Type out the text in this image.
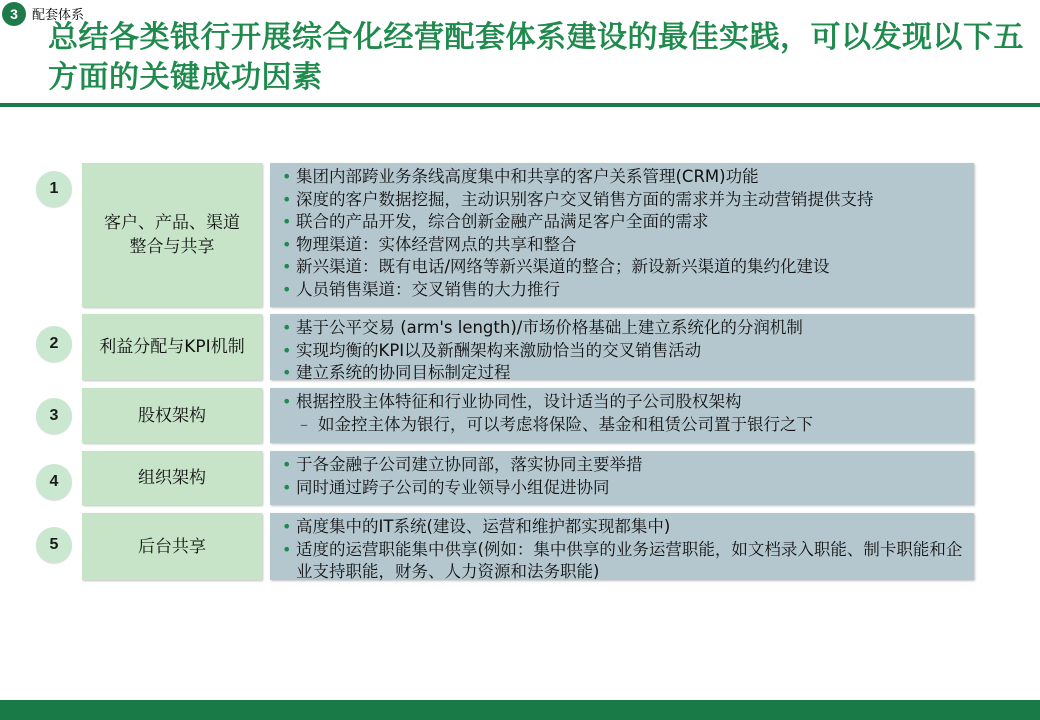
3	配套体系
总结各类银行开展综合化经营配套体系建设的最佳实践，可以发现以下五方面的关键成功因素
1
客户、产品、渠道
整合与共享
• 集团内部跨业务条线高度集中和共享的客户关系管理(CRM)功能
• 深度的客户数据挖掘，主动识别客户交叉销售方面的需求并为主动营销提供支持
• 联合的产品开发，综合创新金融产品满足客户全面的需求
• 物理渠道：实体经营网点的共享和整合
• 新兴渠道：既有电话/网络等新兴渠道的整合；新设新兴渠道的集约化建设
• 人员销售渠道：交叉销售的大力推行
2	利益分配与KPI机制
• 基于公平交易 (arm's length)/市场价格基础上建立系统化的分润机制
• 实现均衡的KPI以及新酬架构来激励恰当的交叉销售活动
• 建立系统的协同目标制定过程
3	股权架构
• 根据控股主体特征和行业协同性，设计适当的子公司股权架构
– 如金控主体为银行，可以考虑将保险、基金和租赁公司置于银行之下
4	组织架构
• 于各金融子公司建立协同部，落实协同主要举措
• 同时通过跨子公司的专业领导小组促进协同
5	后台共享
• 高度集中的IT系统(建设、运营和维护都实现都集中)
• 适度的运营职能集中供享(例如：集中供享的业务运营职能，如文档录入职能、制卡职能和企业支持职能，财务、人力资源和法务职能)
